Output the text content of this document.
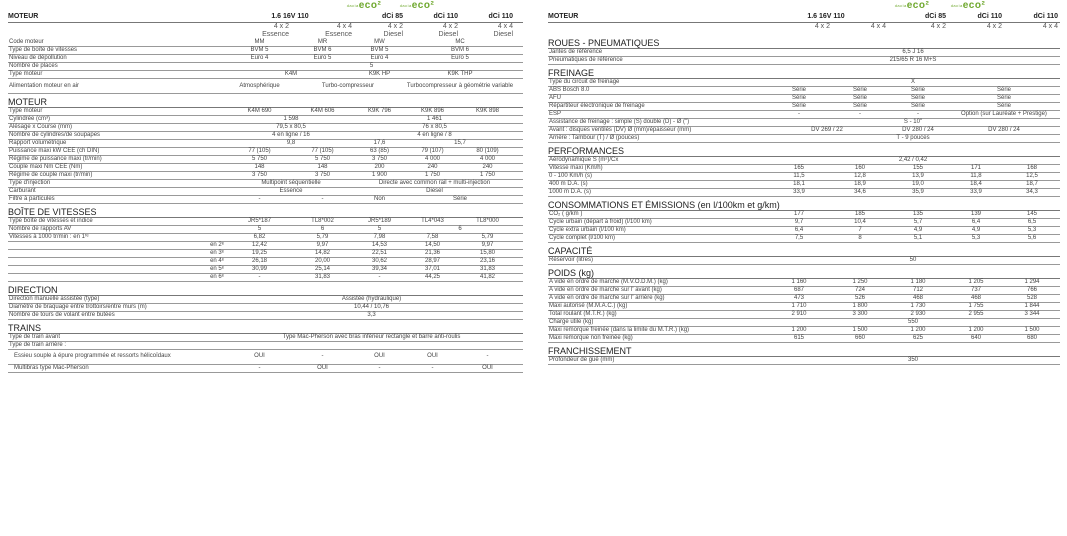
$^{dacia}$eco²	$^{dacia}$eco²
MOTEUR	1.6 16V 110	dCi 85	dCi 110	dCi 110
4 x 2	4 x 4	4 x 2	4 x 2	4 x 4
Essence	Essence	Diesel	Diesel	Diesel
Code moteur	MM	MR	MW	MC
Type de boîte de vitesses	BVM 5	BVM 6	BVM 5	BVM 6
Niveau de dépollution	Euro 4	Euro 5	Euro 4	Euro 5
Nombre de places	5
Type moteur	K4M	K9K HP	K9K THP
Alimentation moteur en air	Atmosphérique	Turbo-compresseur	Turbocompresseur à géométrie variable
MOTEUR
Type moteur	K4M 690	K4M 606	K9K 796	K9K 896	K9K 898
Cylindrée (cm³)	1 598	1 461
Alésage x Course (mm)	79,5 x 80,5	76 x 80,5
Nombre de cylindres/de soupapes	4 en ligne / 16	4 en ligne / 8
Rapport volumétrique	9,8	17,6	15,7
Puissance maxi kW CEE (ch DIN)	77 (105)	77 (105)	63 (85)	79 (107)	80 (109)
Régime de puissance maxi (tr/min)	5 750	5 750	3 750	4 000	4 000
Couple maxi Nm CEE (Nm)	148	148	200	240	240
Régime de couple maxi (tr/min)	3 750	3 750	1 900	1 750	1 750
Type d'injection	Multipoint séquentielle	Directe avec common rail + multi-injection
Carburant	Essence	Diesel
Filtre à particules	-	-	Non	Série
BOÎTE DE VITESSES
Type boîte de vitesses et indice	JR5*187	TL8*002	JR5*189	TL4*043	TL8*000
Nombre de rapports AV	5	6	5	6
Vitesses à 1000 tr/min : en 1ʳᵉ	6,82	5,79	7,98	7,58	5,79
en 2ᵉ	12,42	9,97	14,53	14,50	9,97
en 3ᵉ	19,25	14,82	22,51	21,36	15,80
en 4ᵉ	26,18	20,00	30,62	28,97	23,16
en 5ᵉ	30,99	25,14	39,34	37,01	31,83
en 6ᵉ	-	31,83	-	44,25	41,82
DIRECTION
Direction manuelle assistée (type)	Assistée (hydraulique)
Diamètre de braquage entre trottoirs/entre murs (m)	10,44 / 10,76
Nombre de tours de volant entre butées	3,3
TRAINS
Type de train avant	Type Mac-Pherson avec bras inférieur rectangle et barre anti-roulis
Type de train arrière :
Essieu souple à épure programmée et ressorts hélicoïdaux	OUI	-	OUI	OUI	-
Multibras type Mac-Pherson	-	OUI	-	-	OUI
$^{dacia}$eco²	$^{dacia}$eco²
MOTEUR	1.6 16V 110	dCi 85	dCi 110	dCi 110
4 x 2	4 x 4	4 x 2	4 x 2	4 x 4
ROUES - PNEUMATIQUES
Jantes de référence	6,5 J 16
Pneumatiques de référence	215/65 R 16 M+S
FREINAGE
Type du circuit de freinage	X
ABS Bosch 8.0	Série	Série	Série	Série
AFU	Série	Série	Série	Série
Répartiteur électronique de freinage	Série	Série	Série	Série
ESP	-	-	-	Option (sur Lauréate + Prestige)
Assistance de freinage : simple (S) double (D) - Ø (")	S - 10"
Avant : disques ventilés (DV) Ø (mm)/épaisseur (mm)	DV 269 / 22	DV 280 / 24	DV 280 / 24
Arrière : Tambour (T) / Ø (pouces)	T - 9 pouces
PERFORMANCES
Aérodynamique S (m²)/Cx	2,42 / 0,42
Vitesse maxi (Km/h)	165	160	155	171	168
0 - 100 Km/h (s)	11,5	12,8	13,9	11,8	12,5
400 m D.A. (s)	18,1	18,9	19,0	18,4	18,7
1000 m D.A. (s)	33,9	34,6	35,9	33,9	34,3
CONSOMMATIONS ET ÉMISSIONS (en l/100km et g/km)
CO₂ ( g/km )	177	185	135	139	145
Cycle urbain (départ à froid) (l/100 km)	9,7	10,4	5,7	6,4	6,5
Cycle extra urbain (l/100 km)	6,4	7	4,9	4,9	5,3
Cycle complet (l/100 km)	7,5	8	5,1	5,3	5,6
CAPACITÉ
Réservoir (litres)	50
POIDS (kg)
A vide en ordre de marche (M.V.O.D.M.) (kg)	1 160	1 250	1 180	1 205	1 294
A vide en ordre de marche sur l' avant (kg)	687	724	712	737	766
A vide en ordre de marche sur l' arrière (kg)	473	526	468	468	528
Maxi autorisé (M.M.A.C.) (kg)	1 710	1 800	1 730	1 755	1 844
Total roulant (M.T.R.) (kg)	2 910	3 300	2 930	2 955	3 344
Charge utile (kg)	550
Maxi remorque freinée (dans la limite du M.T.R.) (kg)	1 200	1 500	1 200	1 200	1 500
Maxi remorque non freinée (kg)	615	660	625	640	680
FRANCHISSEMENT
Profondeur de gué (mm)	350
